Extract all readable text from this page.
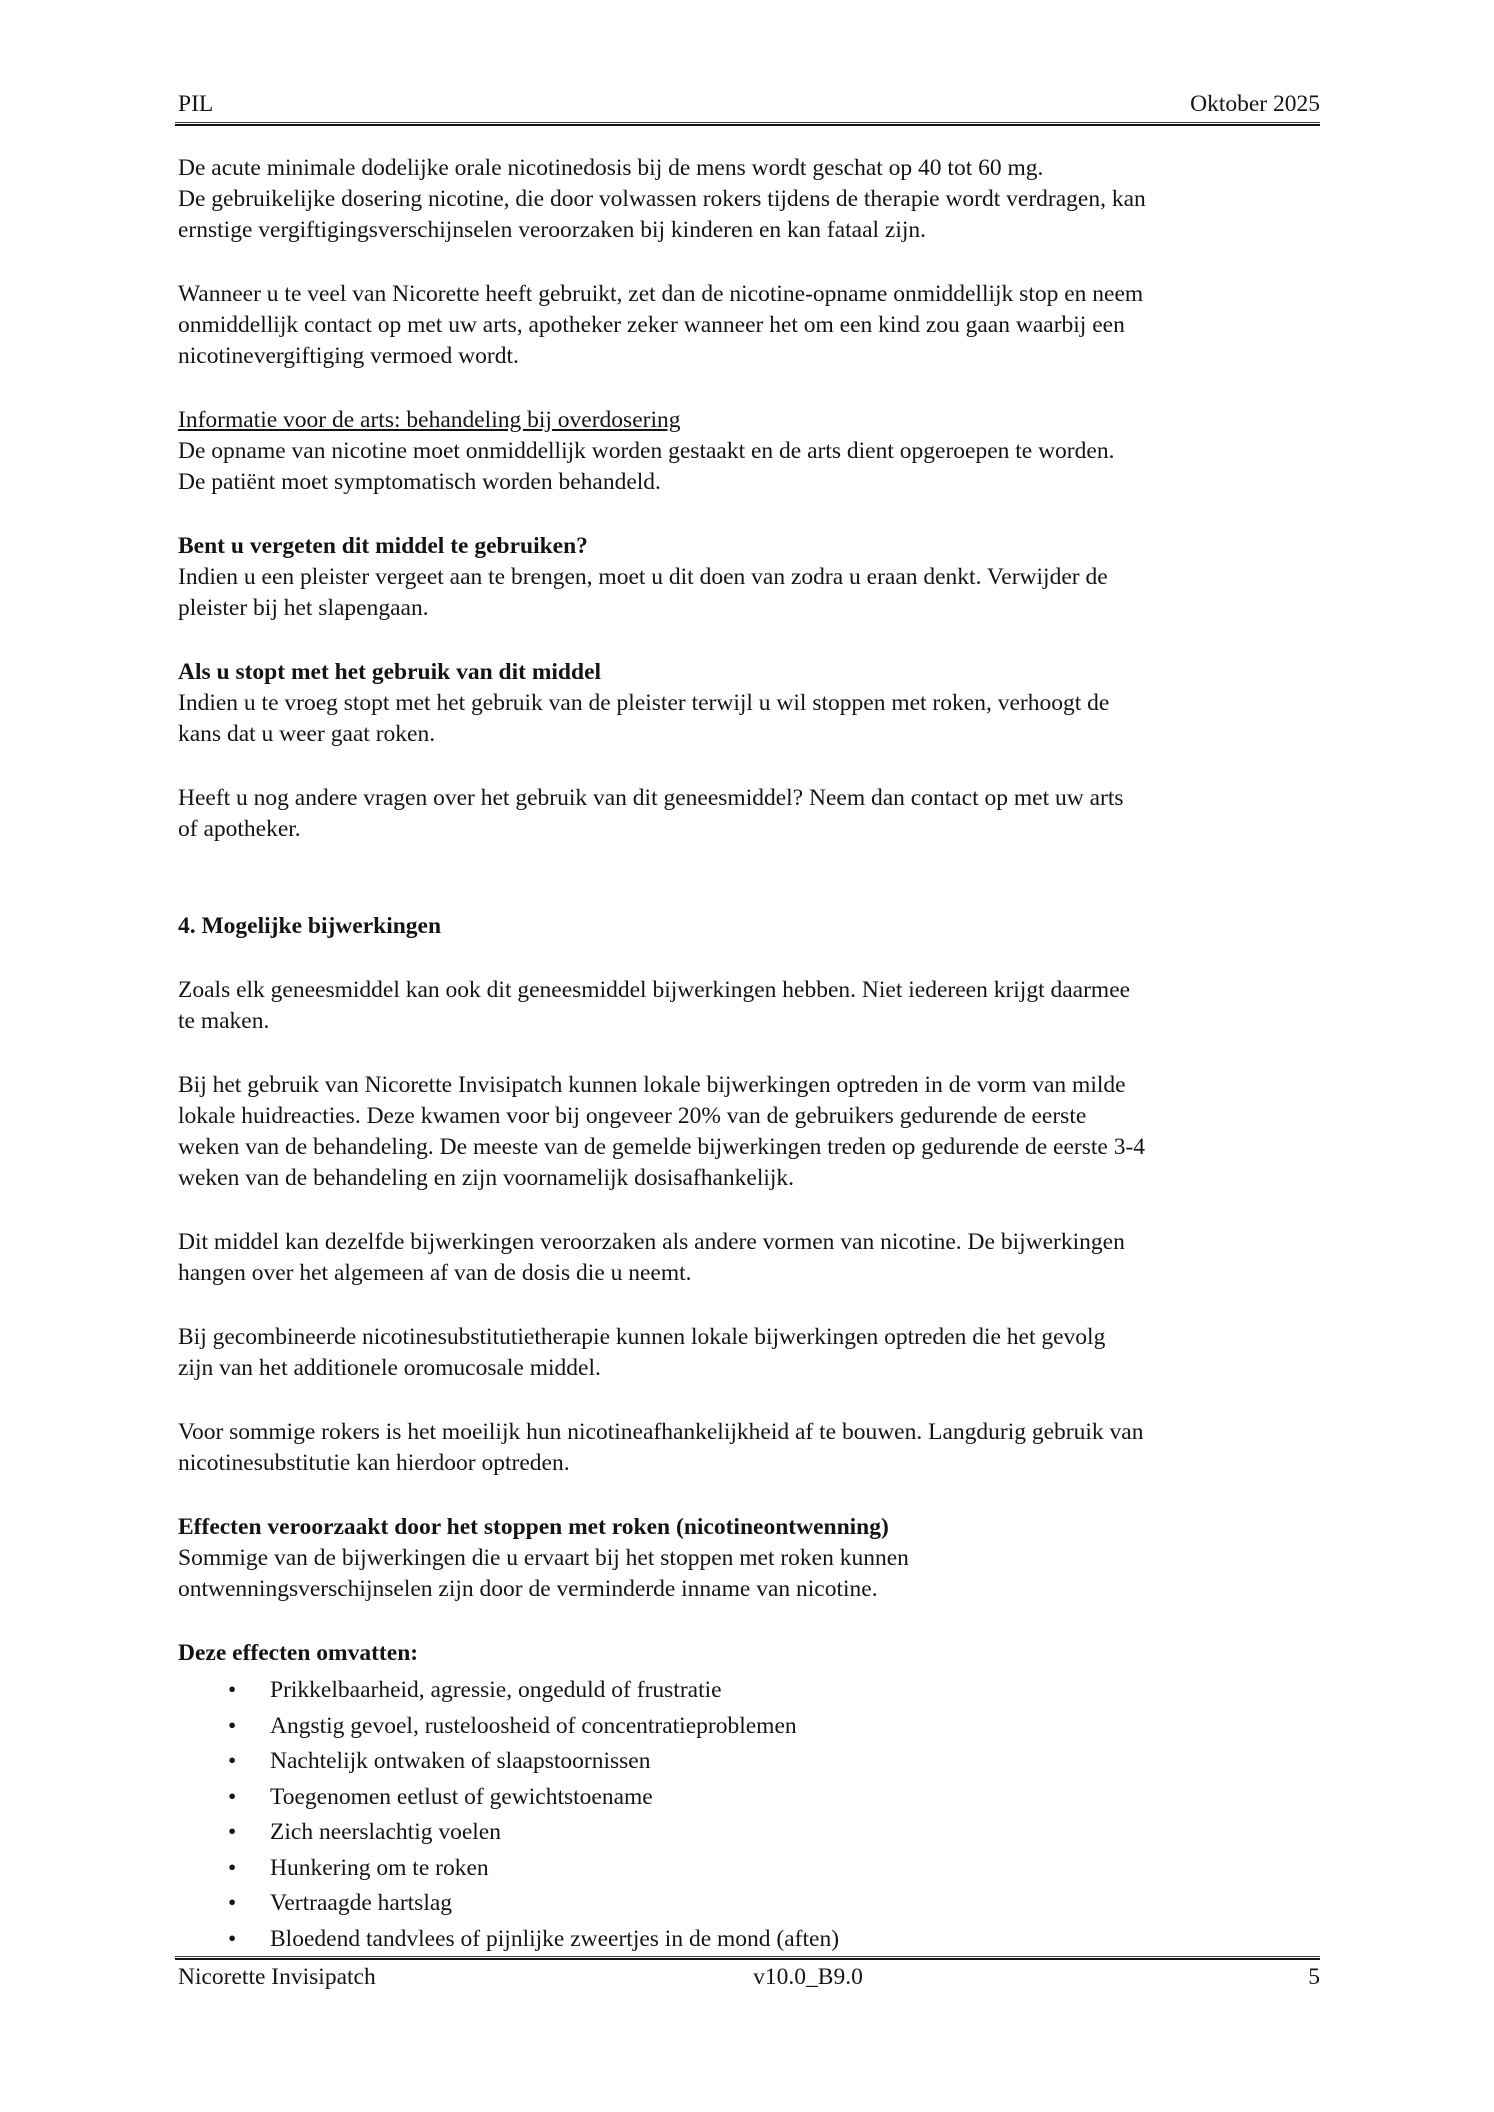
PIL	Oktober 2025
De acute minimale dodelijke orale nicotinedosis bij de mens wordt geschat op 40 tot 60 mg.
De gebruikelijke dosering nicotine, die door volwassen rokers tijdens de therapie wordt verdragen, kan
ernstige vergiftigingsverschijnselen veroorzaken bij kinderen en kan fataal zijn.
Wanneer u te veel van Nicorette heeft gebruikt, zet dan de nicotine-opname onmiddellijk stop en neem
onmiddellijk contact op met uw arts, apotheker zeker wanneer het om een kind zou gaan waarbij een
nicotinevergiftiging vermoed wordt.
Informatie voor de arts: behandeling bij overdosering
De opname van nicotine moet onmiddellijk worden gestaakt en de arts dient opgeroepen te worden.
De patiënt moet symptomatisch worden behandeld.
Bent u vergeten dit middel te gebruiken?
Indien u een pleister vergeet aan te brengen, moet u dit doen van zodra u eraan denkt. Verwijder de
pleister bij het slapengaan.
Als u stopt met het gebruik van dit middel
Indien u te vroeg stopt met het gebruik van de pleister terwijl u wil stoppen met roken, verhoogt de
kans dat u weer gaat roken.
Heeft u nog andere vragen over het gebruik van dit geneesmiddel? Neem dan contact op met uw arts
of apotheker.
4. Mogelijke bijwerkingen
Zoals elk geneesmiddel kan ook dit geneesmiddel bijwerkingen hebben. Niet iedereen krijgt daarmee
te maken.
Bij het gebruik van Nicorette Invisipatch kunnen lokale bijwerkingen optreden in de vorm van milde
lokale huidreacties. Deze kwamen voor bij ongeveer 20% van de gebruikers gedurende de eerste
weken van de behandeling. De meeste van de gemelde bijwerkingen treden op gedurende de eerste 3-4
weken van de behandeling en zijn voornamelijk dosisafhankelijk.
Dit middel kan dezelfde bijwerkingen veroorzaken als andere vormen van nicotine. De bijwerkingen
hangen over het algemeen af van de dosis die u neemt.
Bij gecombineerde nicotinesubstitutietherapie kunnen lokale bijwerkingen optreden die het gevolg
zijn van het additionele oromucosale middel.
Voor sommige rokers is het moeilijk hun nicotineafhankelijkheid af te bouwen. Langdurig gebruik van
nicotinesubstitutie kan hierdoor optreden.
Effecten veroorzaakt door het stoppen met roken (nicotineontwenning)
Sommige van de bijwerkingen die u ervaart bij het stoppen met roken kunnen
ontwenningsverschijnselen zijn door de verminderde inname van nicotine.
Deze effecten omvatten:
• Prikkelbaarheid, agressie, ongeduld of frustratie
• Angstig gevoel, rusteloosheid of concentratieproblemen
• Nachtelijk ontwaken of slaapstoornissen
• Toegenomen eetlust of gewichtstoename
• Zich neerslachtig voelen
• Hunkering om te roken
• Vertraagde hartslag
• Bloedend tandvlees of pijnlijke zweertjes in de mond (aften)
Nicorette Invisipatch	v10.0_B9.0	5
